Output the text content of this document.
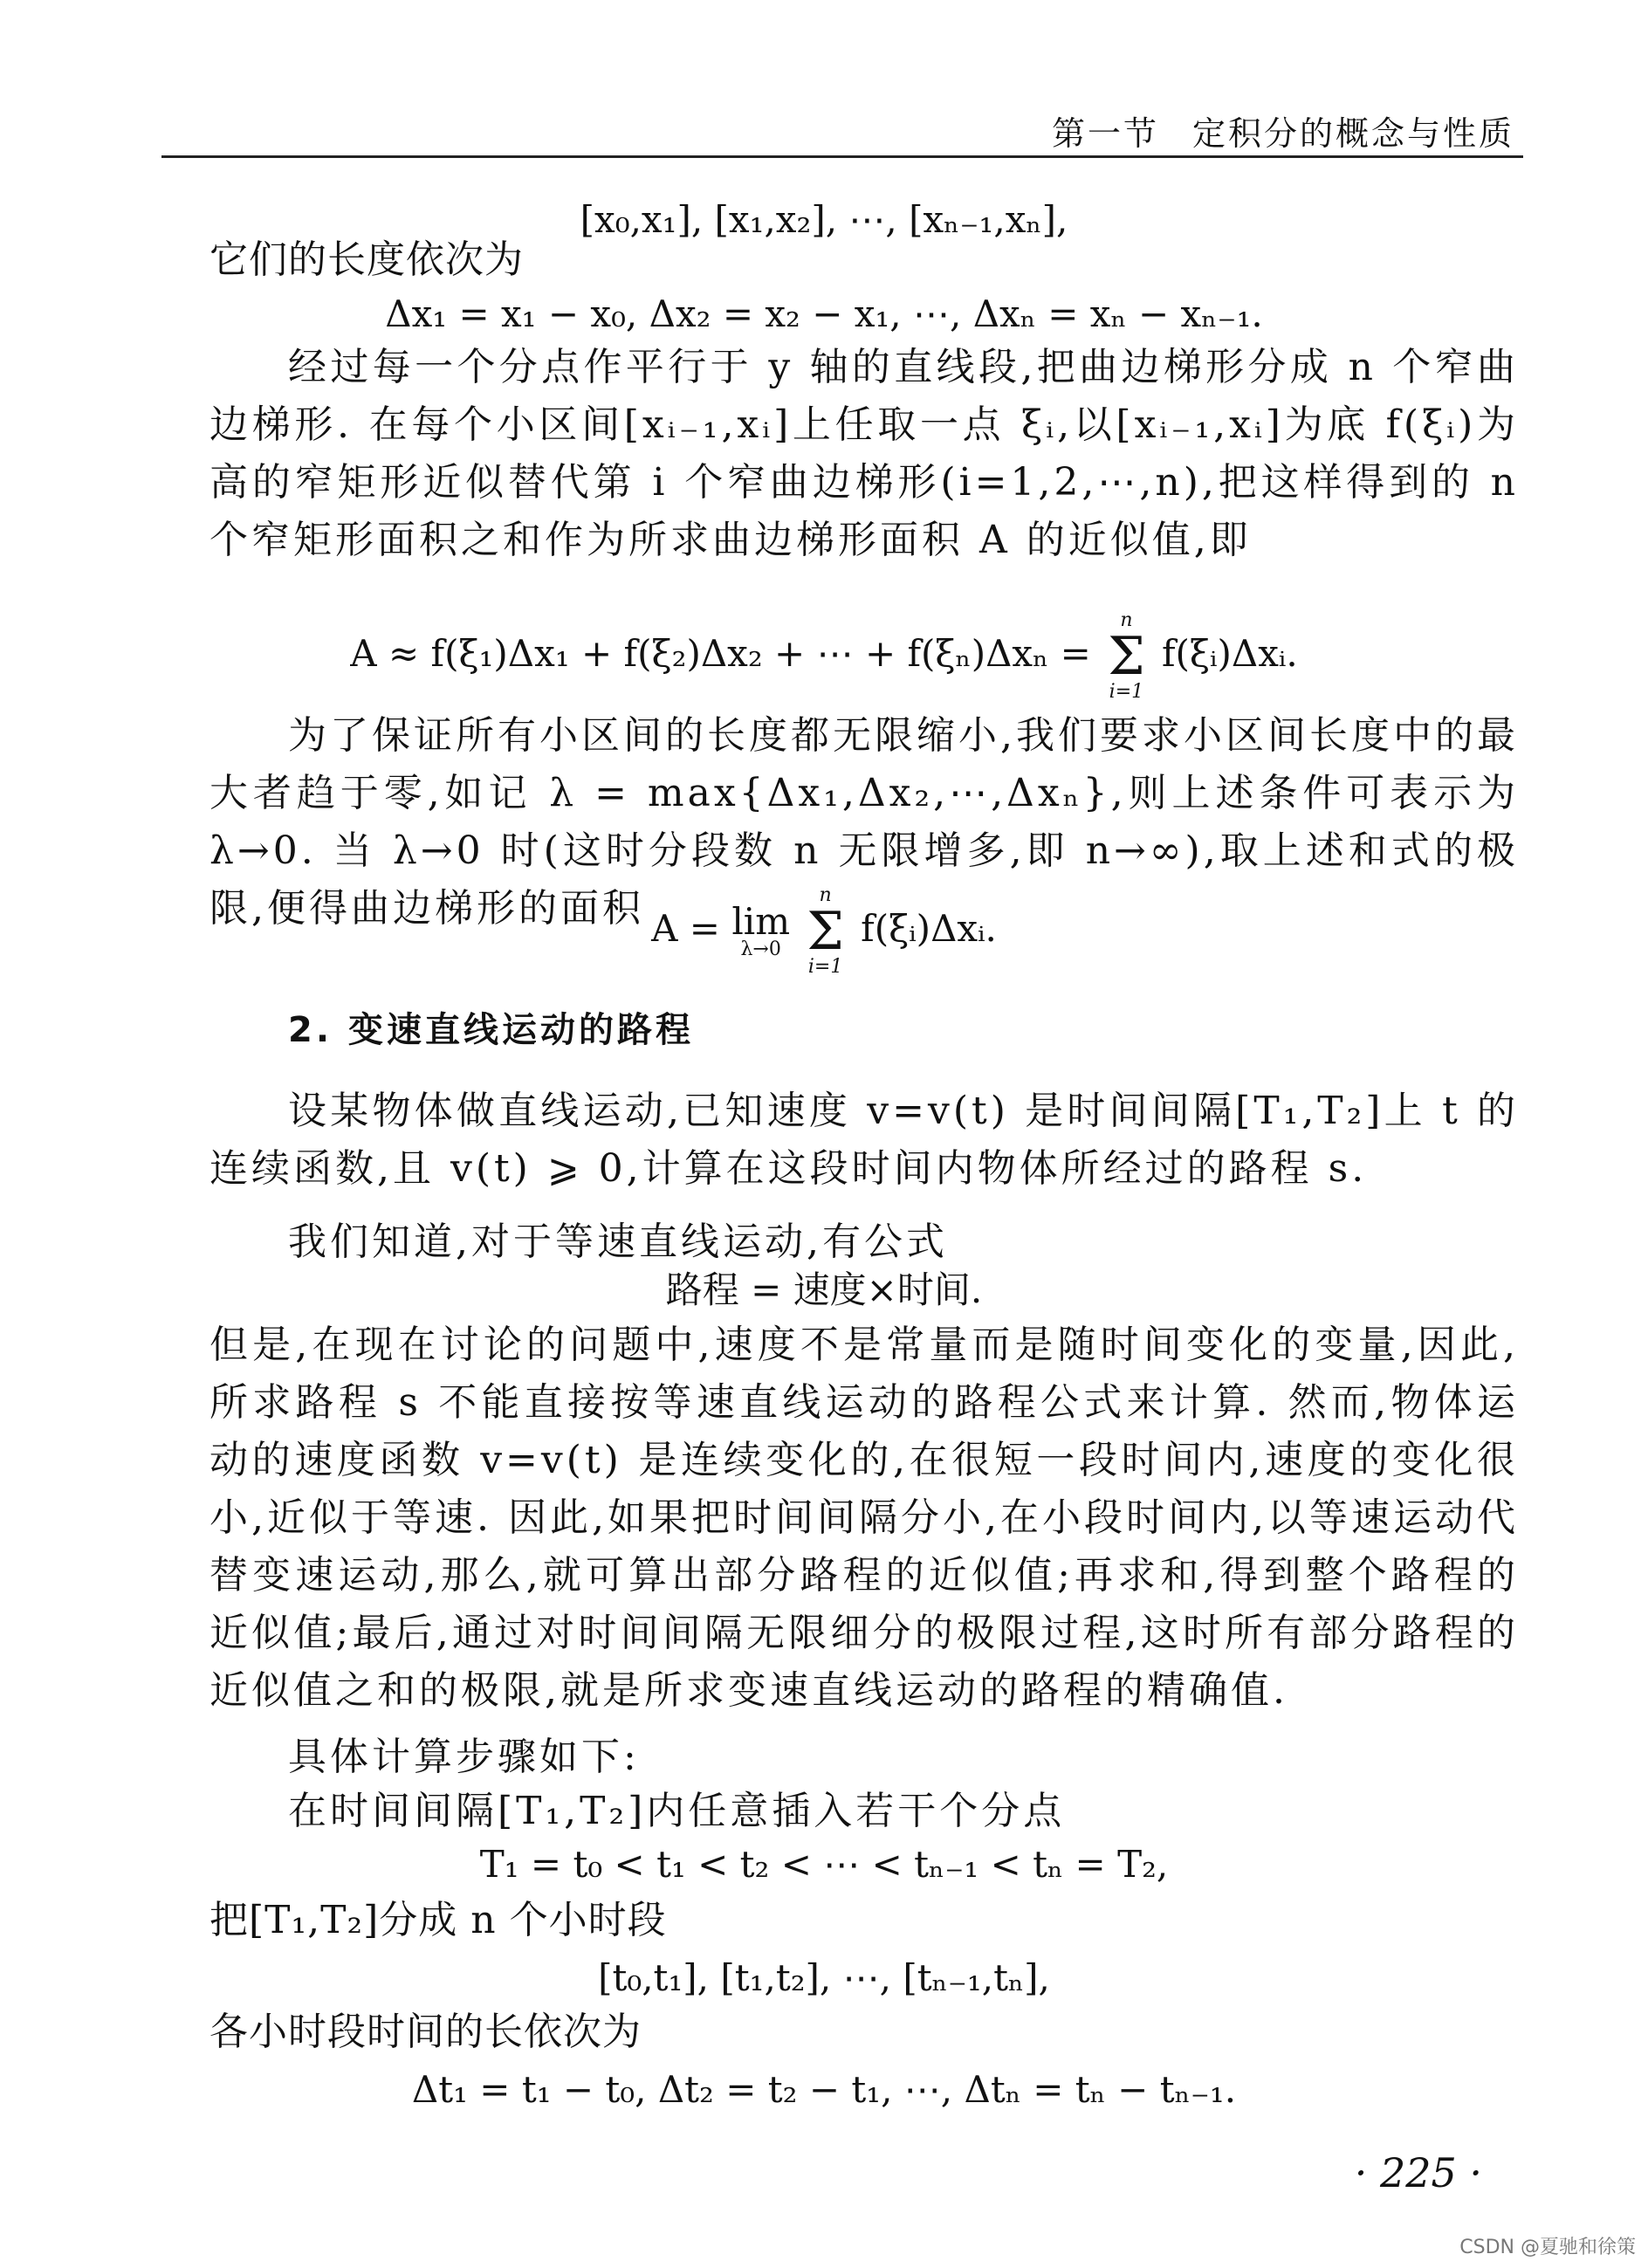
第一节 定积分的概念与性质
[x₀,x₁], [x₁,x₂], ⋯, [xₙ₋₁,xₙ],
它们的长度依次为
Δx₁ = x₁ − x₀, Δx₂ = x₂ − x₁, ⋯, Δxₙ = xₙ − xₙ₋₁.
经过每一个分点作平行于 y 轴的直线段,把曲边梯形分成 n 个窄曲边梯形. 在每个小区间[xᵢ₋₁,xᵢ]上任取一点 ξᵢ,以[xᵢ₋₁,xᵢ]为底 f(ξᵢ)为高的窄矩形近似替代第 i 个窄曲边梯形(i=1,2,⋯,n),把这样得到的 n 个窄矩形面积之和作为所求曲边梯形面积 A 的近似值,即
A ≈ f(ξ₁)Δx₁ + f(ξ₂)Δx₂ + ⋯ + f(ξₙ)Δxₙ =
n
Σ
i=1
f(ξᵢ)Δxᵢ.
为了保证所有小区间的长度都无限缩小,我们要求小区间长度中的最大者趋于零,如记 λ = max{Δx₁,Δx₂,⋯,Δxₙ},则上述条件可表示为 λ→0. 当 λ→0 时(这时分段数 n 无限增多,即 n→∞),取上述和式的极限,便得曲边梯形的面积 A = lim
λ→0

n
Σ
i=1
f(ξᵢ)Δxᵢ.
2. 变速直线运动的路程
设某物体做直线运动,已知速度 v=v(t) 是时间间隔[T₁,T₂]上 t 的连续函数,且 v(t) ⩾ 0,计算在这段时间内物体所经过的路程 s.
我们知道,对于等速直线运动,有公式
路程 = 速度×时间.
但是,在现在讨论的问题中,速度不是常量而是随时间变化的变量,因此,所求路程 s 不能直接按等速直线运动的路程公式来计算. 然而,物体运动的速度函数 v=v(t) 是连续变化的,在很短一段时间内,速度的变化很小,近似于等速. 因此,如果把时间间隔分小,在小段时间内,以等速运动代替变速运动,那么,就可算出部分路程的近似值;再求和,得到整个路程的近似值;最后,通过对时间间隔无限细分的极限过程,这时所有部分路程的近似值之和的极限,就是所求变速直线运动的路程的精确值.
具体计算步骤如下:
在时间间隔[T₁,T₂]内任意插入若干个分点
T₁ = t₀ < t₁ < t₂ < ⋯ < tₙ₋₁ < tₙ = T₂,
把[T₁,T₂]分成 n 个小时段
[t₀,t₁], [t₁,t₂], ⋯, [tₙ₋₁,tₙ],
各小时段时间的长依次为
Δt₁ = t₁ − t₀, Δt₂ = t₂ − t₁, ⋯, Δtₙ = tₙ − tₙ₋₁.
· 225 ·
CSDN @夏驰和徐策
